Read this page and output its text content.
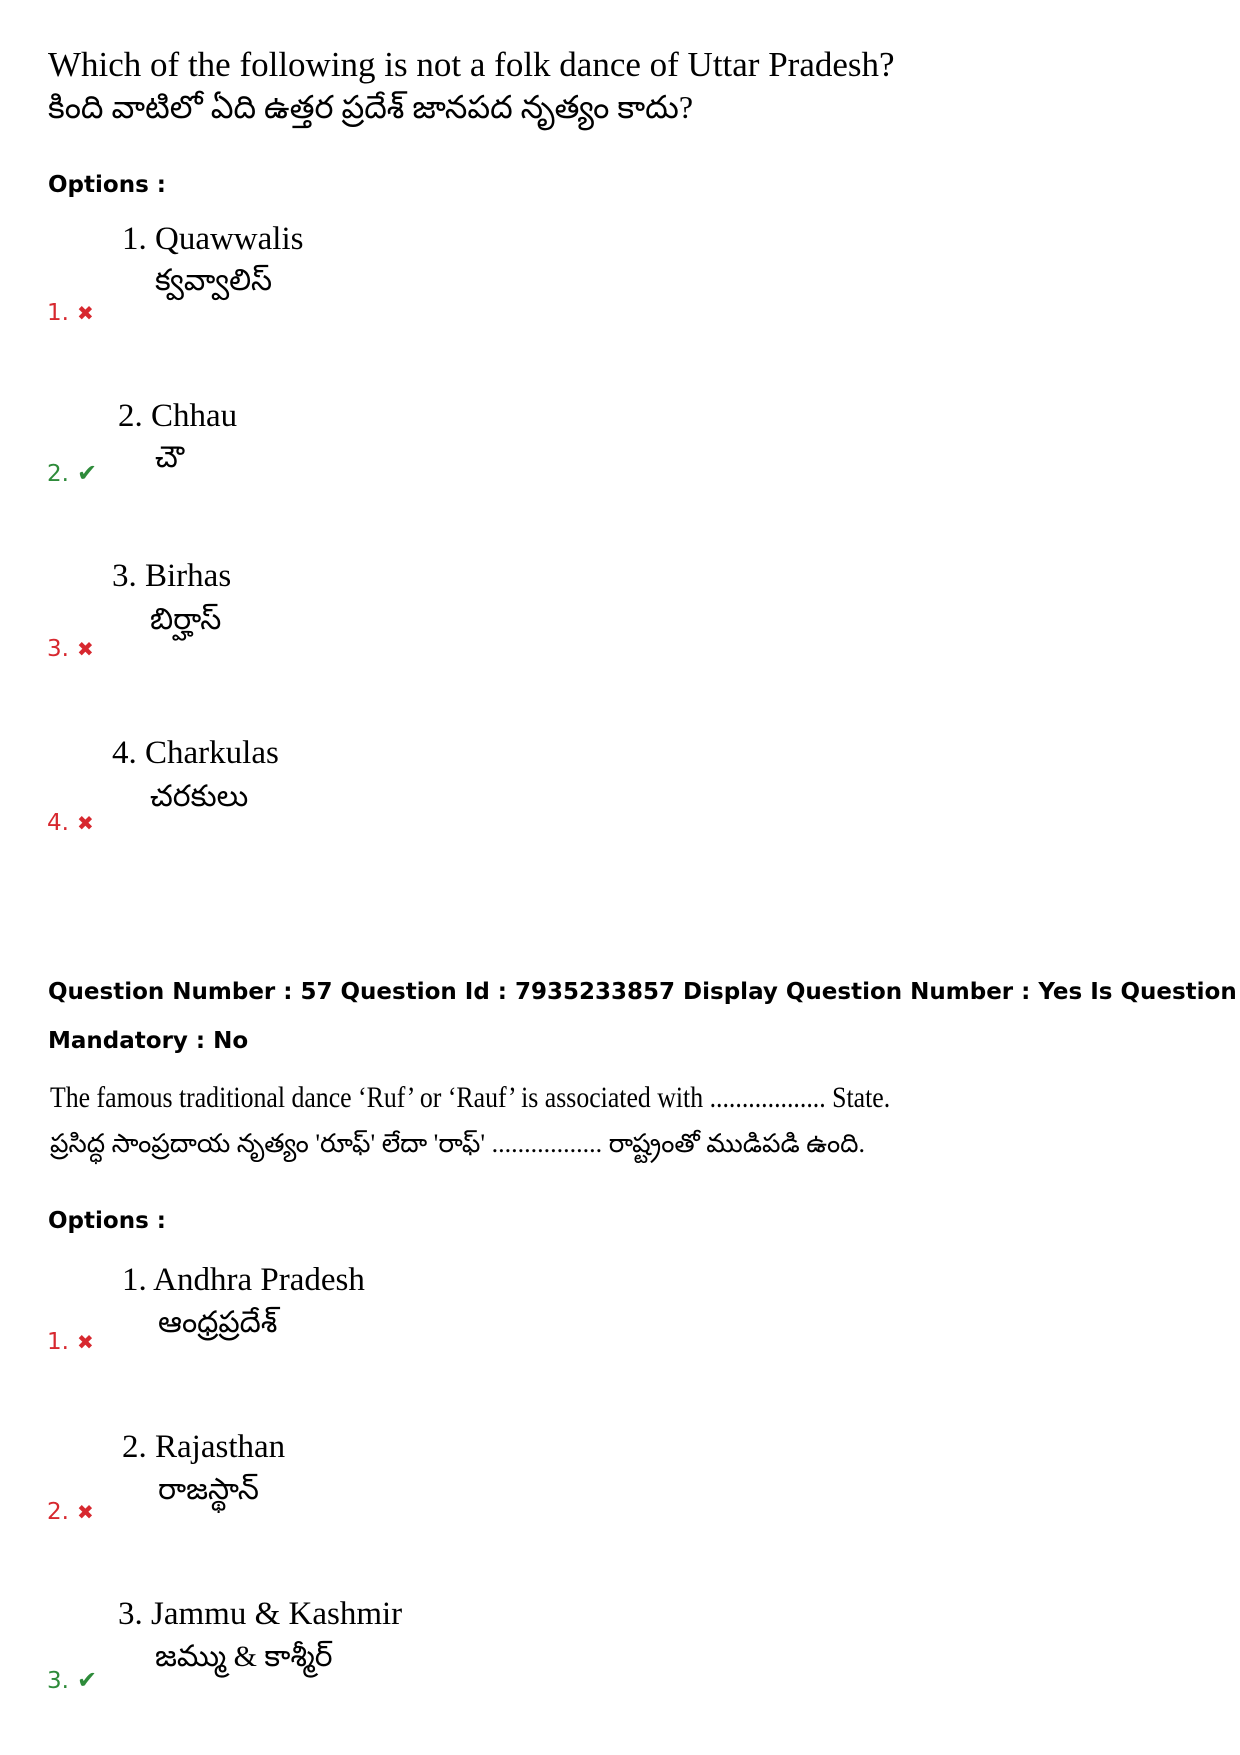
Which of the following is not a folk dance of Uttar Pradesh?
కింది వాటిలో ఏది ఉత్తర ప్రదేశ్ జానపద నృత్యం కాదు?
Options :
1. Quawwalis
క్వవ్వాలిస్
1. ✖
2. Chhau
చౌ
2. ✔
3. Birhas
బిర్హాస్
3. ✖
4. Charkulas
చరకులు
4. ✖
Question Number : 57 Question Id : 7935233857 Display Question Number : Yes Is Question
Mandatory : No
The famous traditional dance ‘Ruf’ or ‘Rauf’ is associated with .................. State.
ప్రసిద్ధ సాంప్రదాయ నృత్యం 'రూఫ్' లేదా 'రాఫ్' ................. రాష్ట్రంతో ముడిపడి ఉంది.
Options :
1. Andhra Pradesh
ఆంధ్రప్రదేశ్
1. ✖
2. Rajasthan
రాజస్థాన్
2. ✖
3. Jammu & Kashmir
జమ్ము & కాశ్మీర్
3. ✔
